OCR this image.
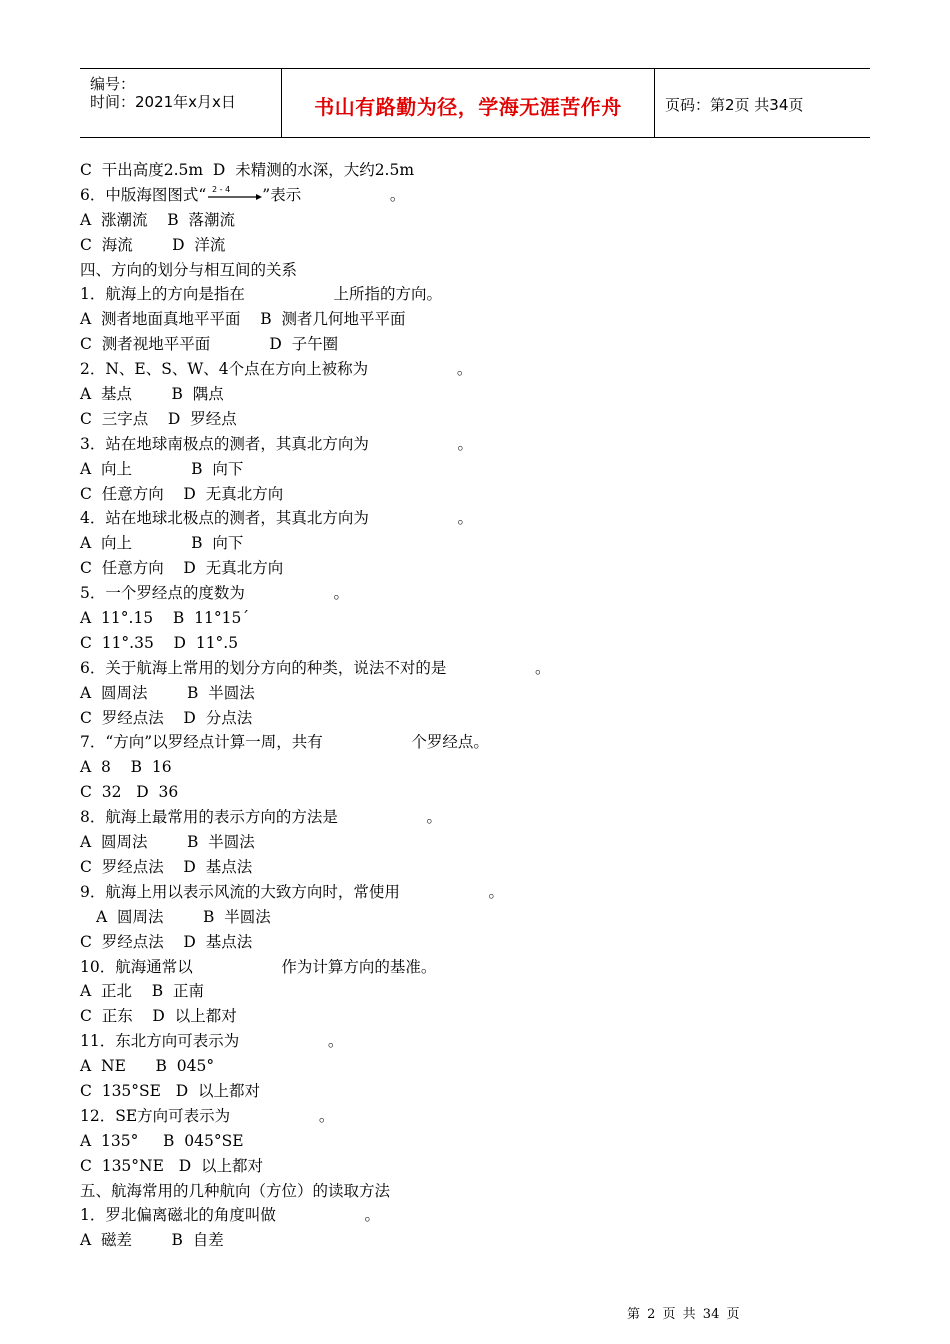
编号：
时间：2021年x月x日	书山有路勤为径，学海无涯苦作舟	页码：第2页 共34页
C  干出高度2.5m  D  未精测的水深，大约2.5m
6．中版海图图式“ 2 - 4 ”表示                  。
A  涨潮流    B  落潮流
C  海流        D  洋流
四、方向的划分与相互间的关系
1．航海上的方向是指在                  上所指的方向。
A  测者地面真地平平面    B  测者几何地平平面
C  测者视地平平面            D  子午圈
2．N、E、S、W、4个点在方向上被称为                  。
A  基点        B  隅点
C  三字点    D  罗经点
3．站在地球南极点的测者，其真北方向为                  。
A  向上            B  向下
C  任意方向    D  无真北方向
4．站在地球北极点的测者，其真北方向为                  。
A  向上            B  向下
C  任意方向    D  无真北方向
5．一个罗经点的度数为                  。
A  11°.15    B  11°15´
C  11°.35    D  11°.5
6．关于航海上常用的划分方向的种类，说法不对的是                  。
A  圆周法        B  半圆法
C  罗经点法    D  分点法
7．“方向”以罗经点计算一周，共有                  个罗经点。
A  8    B  16
C  32   D  36
8．航海上最常用的表示方向的方法是                  。
A  圆周法        B  半圆法
C  罗经点法    D  基点法
9．航海上用以表示风流的大致方向时，常使用                  。
A  圆周法        B  半圆法
C  罗经点法    D  基点法
10．航海通常以                  作为计算方向的基准。
A  正北    B  正南
C  正东    D  以上都对
11．东北方向可表示为                  。
A  NE      B  045°
C  135°SE   D  以上都对
12．SE方向可表示为                  。
A  135°     B  045°SE
C  135°NE   D  以上都对
五、航海常用的几种航向（方位）的读取方法
1．罗北偏离磁北的角度叫做                  。
A  磁差        B  自差
第 2 页 共 34 页
